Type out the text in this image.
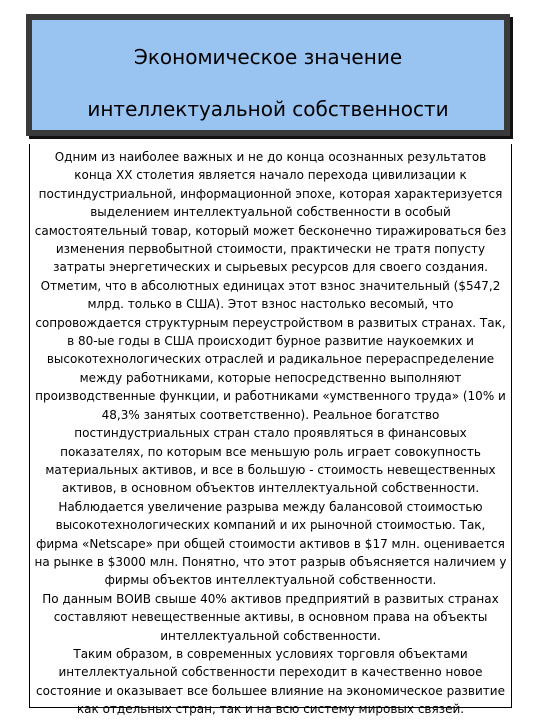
Экономическое значение
интеллектуальной собственности

Одним из наиболее важных и не до конца осознанных результатов конца XX столетия является начало перехода цивилизации к постиндустриальной, информационной эпохе, которая характеризуется выделением интеллектуальной собственности в особый самостоятельный товар, который может бесконечно тиражироваться без изменения первобытной стоимости, практически не тратя попусту затраты энергетических и сырьевых ресурсов для своего создания.

Отметим, что в абсолютных единицах этот взнос значительный ($547,2 млрд. только в США). Этот взнос настолько весомый, что сопровождается структурным переустройством в развитых странах. Так, в 80-ые годы в США происходит бурное развитие наукоемких и высокотехнологических отраслей и радикальное перераспределение между работниками, которые непосредственно выполняют производственные функции, и работниками «умственного труда» (10% и 48,3% занятых соответственно). Реальное богатство постиндустриальных стран стало проявляться в финансовых показателях, по которым все меньшую роль играет совокупность материальных активов, и все в большую - стоимость невещественных активов, в основном объектов интеллектуальной собственности. Наблюдается увеличение разрыва между балансовой стоимостью высокотехнологических компаний и их рыночной стоимостью. Так, фирма «Netscape» при общей стоимости активов в $17 млн. оценивается на рынке в $3000 млн. Понятно, что этот разрыв объясняется наличием у фирмы объектов интеллектуальной собственности.

По данным ВОИВ свыше 40% активов предприятий в развитых странах составляют невещественные активы, в основном права на объекты интеллектуальной собственности.

Таким образом, в современных условиях торговля объектами интеллектуальной собственности переходит в качественно новое состояние и оказывает все большее влияние на экономическое развитие как отдельных стран, так и на всю систему мировых связей.
